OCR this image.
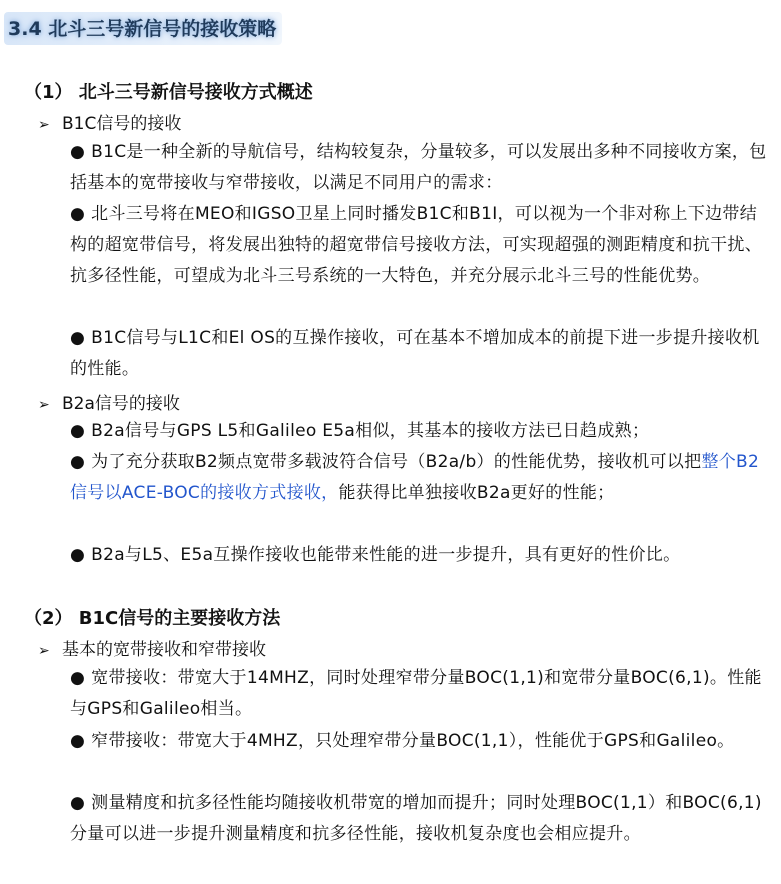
3.4 北斗三号新信号的接收策略
（1） 北斗三号新信号接收方式概述
➢ B1C信号的接收
● B1C是一种全新的导航信号，结构较复杂，分量较多，可以发展出多种不同接收方案，包括基本的宽带接收与窄带接收，以满足不同用户的需求：
● 北斗三号将在MEO和IGSO卫星上同时播发B1C和B1I，可以视为一个非对称上下边带结构的超宽带信号，将发展出独特的超宽带信号接收方法，可实现超强的测距精度和抗干扰、抗多径性能，可望成为北斗三号系统的一大特色，并充分展示北斗三号的性能优势。
● B1C信号与L1C和El OS的互操作接收，可在基本不增加成本的前提下进一步提升接收机的性能。
➢ B2a信号的接收
● B2a信号与GPS L5和Galileo E5a相似，其基本的接收方法已日趋成熟；
● 为了充分获取B2频点宽带多载波符合信号（B2a/b）的性能优势，接收机可以把整个B2信号以ACE-BOC的接收方式接收，能获得比单独接收B2a更好的性能；
● B2a与L5、E5a互操作接收也能带来性能的进一步提升，具有更好的性价比。
（2） B1C信号的主要接收方法
➢ 基本的宽带接收和窄带接收
● 宽带接收：带宽大于14MHZ，同时处理窄带分量BOC(1,1)和宽带分量BOC(6,1)。性能与GPS和Galileo相当。
● 窄带接收：带宽大于4MHZ，只处理窄带分量BOC(1,1），性能优于GPS和Galileo。
● 测量精度和抗多径性能均随接收机带宽的增加而提升；同时处理BOC(1,1）和BOC(6,1)分量可以进一步提升测量精度和抗多径性能，接收机复杂度也会相应提升。
